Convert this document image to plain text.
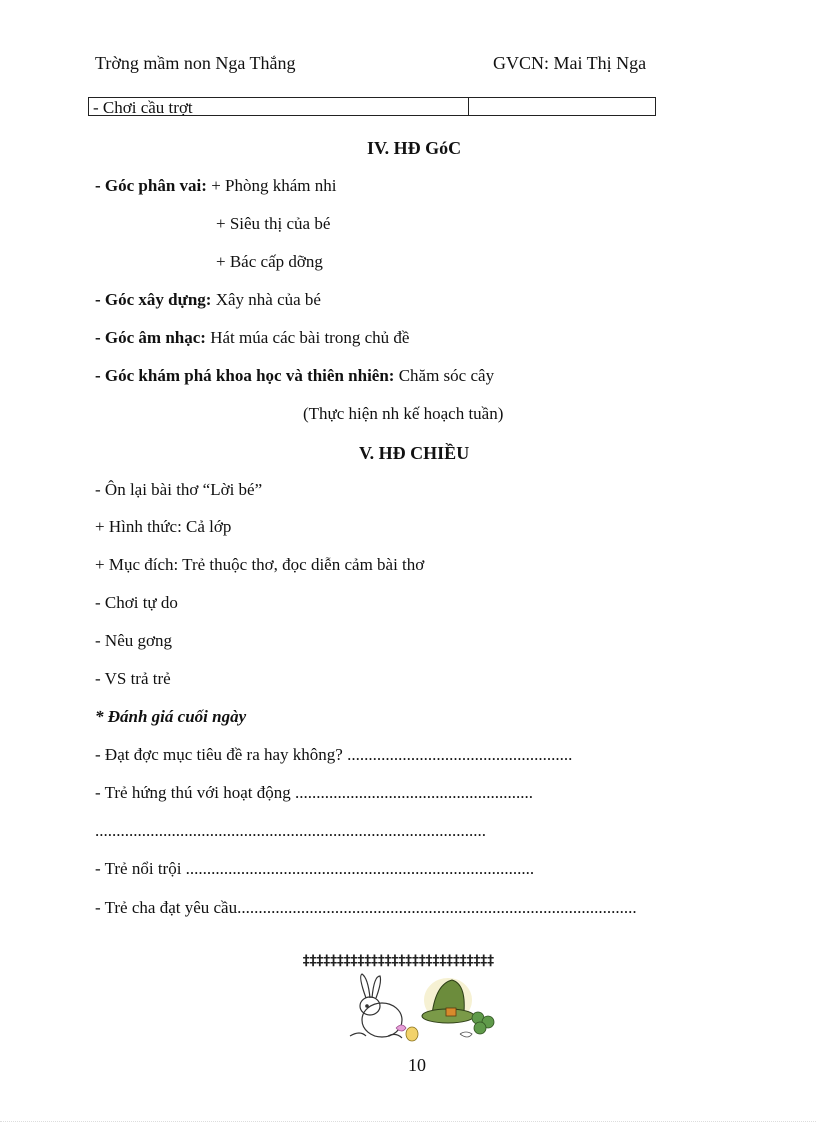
Trờng mầm non Nga Thắng	GVCN: Mai Thị Nga
- Chơi cầu trợt
IV. HĐ GóC
- Góc phân vai: + Phòng khám nhi
+ Siêu thị của bé
+ Bác cấp dỡng
- Góc xây dựng: Xây nhà của bé
- Góc âm nhạc: Hát múa các bài trong chủ đề
- Góc khám phá khoa học và thiên nhiên: Chăm sóc cây
(Thực hiện nh kế hoạch tuần)
V. HĐ CHIỀU
- Ôn lại bài thơ “Lời bé”
+ Hình thức: Cả lớp
+ Mục đích: Trẻ thuộc thơ, đọc diễn cảm bài thơ
- Chơi tự do
- Nêu gơng
- VS trả trẻ
* Đánh giá cuối ngày
- Đạt đợc mục tiêu đề ra hay không? .....................................................
- Trẻ hứng thú với hoạt động ........................................................
............................................................................................
- Trẻ nổi trội ..................................................................................
- Trẻ cha đạt yêu cầu..............................................................................................
‡‡‡‡‡‡‡‡‡‡‡‡‡‡‡‡‡‡‡‡‡‡‡‡‡‡‡‡
10
